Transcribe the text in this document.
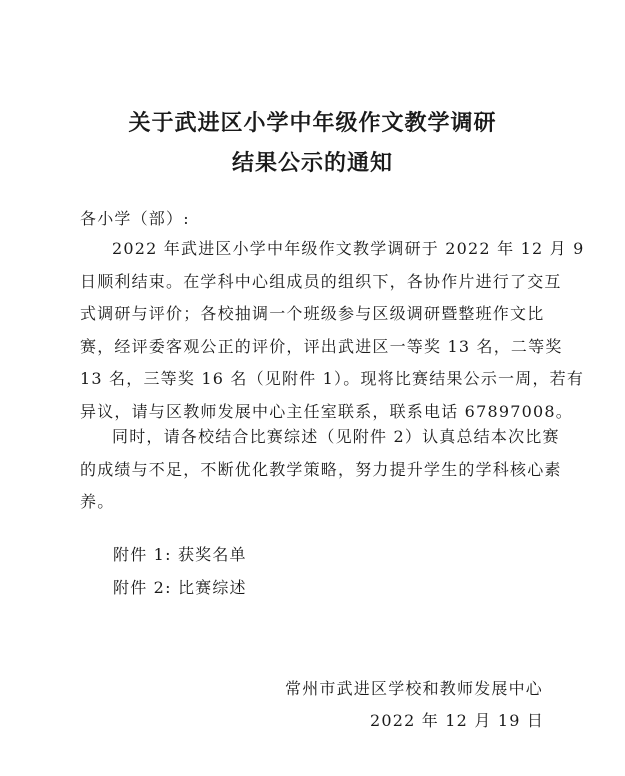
关于武进区小学中年级作文教学调研
结果公示的通知
各小学（部）:
2022 年武进区小学中年级作文教学调研于 2022 年 12 月 9
日顺利结束。在学科中心组成员的组织下，各协作片进行了交互
式调研与评价；各校抽调一个班级参与区级调研暨整班作文比
赛，经评委客观公正的评价，评出武进区一等奖 13 名，二等奖
13 名，三等奖 16 名（见附件 1）。现将比赛结果公示一周，若有
异议，请与区教师发展中心主任室联系，联系电话 67897008。
同时，请各校结合比赛综述（见附件 2）认真总结本次比赛
的成绩与不足，不断优化教学策略，努力提升学生的学科核心素
养。
附件 1: 获奖名单
附件 2: 比赛综述
常州市武进区学校和教师发展中心
2022 年 12 月 19 日
